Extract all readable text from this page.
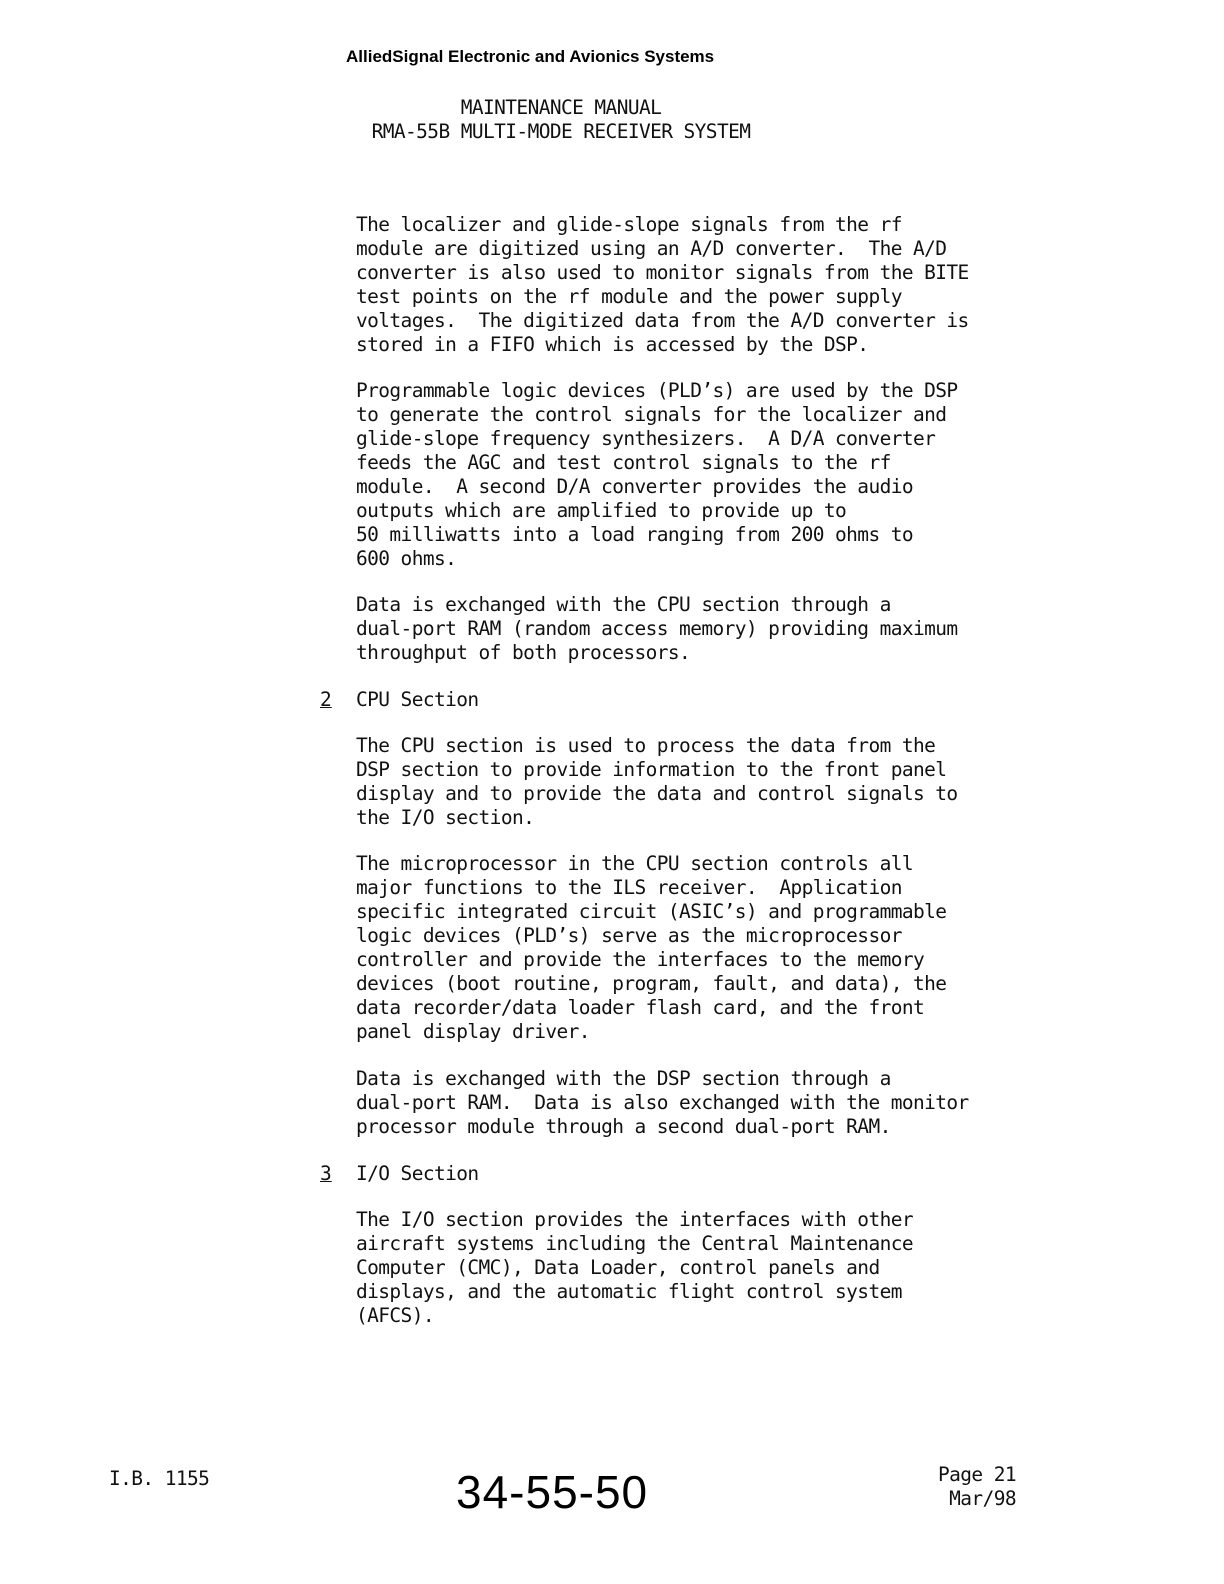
AlliedSignal Electronic and Avionics Systems
MAINTENANCE MANUAL
RMA-55B MULTI-MODE RECEIVER SYSTEM
The localizer and glide-slope signals from the rf
module are digitized using an A/D converter.  The A/D
converter is also used to monitor signals from the BITE
test points on the rf module and the power supply
voltages.  The digitized data from the A/D converter is
stored in a FIFO which is accessed by the DSP.
Programmable logic devices (PLD’s) are used by the DSP
to generate the control signals for the localizer and
glide-slope frequency synthesizers.  A D/A converter
feeds the AGC and test control signals to the rf
module.  A second D/A converter provides the audio
outputs which are amplified to provide up to
50 milliwatts into a load ranging from 200 ohms to
600 ohms.
Data is exchanged with the CPU section through a
dual-port RAM (random access memory) providing maximum
throughput of both processors.
2 CPU Section
The CPU section is used to process the data from the
DSP section to provide information to the front panel
display and to provide the data and control signals to
the I/O section.
The microprocessor in the CPU section controls all
major functions to the ILS receiver.  Application
specific integrated circuit (ASIC’s) and programmable
logic devices (PLD’s) serve as the microprocessor
controller and provide the interfaces to the memory
devices (boot routine, program, fault, and data), the
data recorder/data loader flash card, and the front
panel display driver.
Data is exchanged with the DSP section through a
dual-port RAM.  Data is also exchanged with the monitor
processor module through a second dual-port RAM.
3 I/O Section
The I/O section provides the interfaces with other
aircraft systems including the Central Maintenance
Computer (CMC), Data Loader, control panels and
displays, and the automatic flight control system
(AFCS).
I.B. 1155	34-55-50	Page 21
Mar/98
